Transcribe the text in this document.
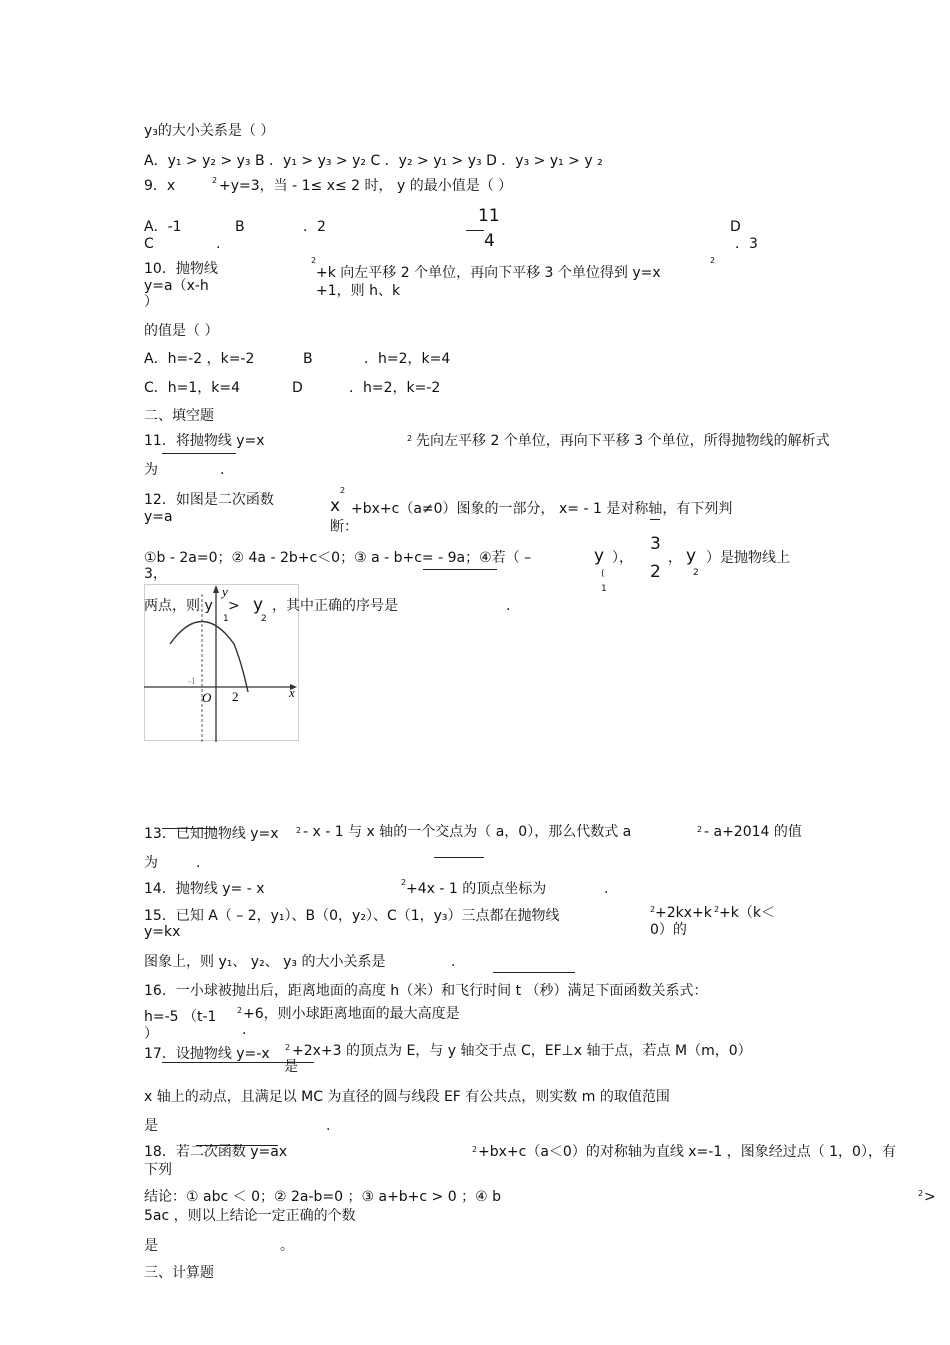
y₃的大小关系是（ ）
A．y₁ > y₂ > y₃ B ．y₁ > y₃ > y₂ C ．y₂ > y₁ > y₃ D ．y₃ > y₁ > y ₂
9．x	2 +y=3，当 - 1≤ x≤ 2 时， y 的最小值是（ ）
A．-1	B	．2
11
4
C	.
D
．3
10．抛物线
y=a（x-h
）
2
+k 向左平移 2 个单位，再向下平移 3 个单位得到 y=x
2
+1，则 h、k
的值是（ ）
A．h=-2 ，k=-2	B	．h=2，k=4
C．h=1，k=4	D	．h=2，k=-2
二、填空题
11．将抛物线 y=x	2 先向左平移 2 个单位，再向下平移 3 个单位，所得抛物线的解析式
为	.
12．如图是二次函数
y=a
x
2
+bx+c（a≠0）图象的一部分， x= - 1 是对称轴，有下列判
断：
①b - 2a=0；② 4a - 2b+c＜0；③ a - b+c= - 9a；④若（ –
3，
y ），
(
1
3
2
， y
2
）是抛物线上
两点，则 y
1
> y
2
，其中正确的序号是	.
y
x
O 2
-1
13．已知抛物线 y=x 2 - x - 1 与 x 轴的一个交点为（ a，0），那么代数式 a	2 - a+2014 的值
为	.
14．抛物线 y= - x	2 +4x - 1 的顶点坐标为	.
15．已知 A（ – 2，y₁）、B（0，y₂）、C（1，y₃）三点都在抛物线
y=kx
2 +2kx+k 2 +k（k＜
0）的
图象上，则 y₁、 y₂、 y₃ 的大小关系是	.
16．一小球被抛出后，距离地面的高度 h（米）和飞行时间 t （秒）满足下面函数关系式：
h=-5 （t-1
）
2 +6，则小球距离地面的最大高度是
.
17．设抛物线 y=-x 2 +2x+3 的顶点为 E，与 y 轴交于点 C，EF⊥x 轴于点，若点 M（m，0）
是
x 轴上的动点，且满足以 MC 为直径的圆与线段 EF 有公共点，则实数 m 的取值范围
是	.
18．若二次函数 y=ax	2 +bx+c（a＜0）的对称轴为直线 x=-1 ，图象经过点（ 1，0），有
下列
结论：① abc ＜ 0；② 2a-b=0 ；③ a+b+c > 0 ；④ b	2 >
5ac ，则以上结论一定正确的个数
是	。
三、计算题
